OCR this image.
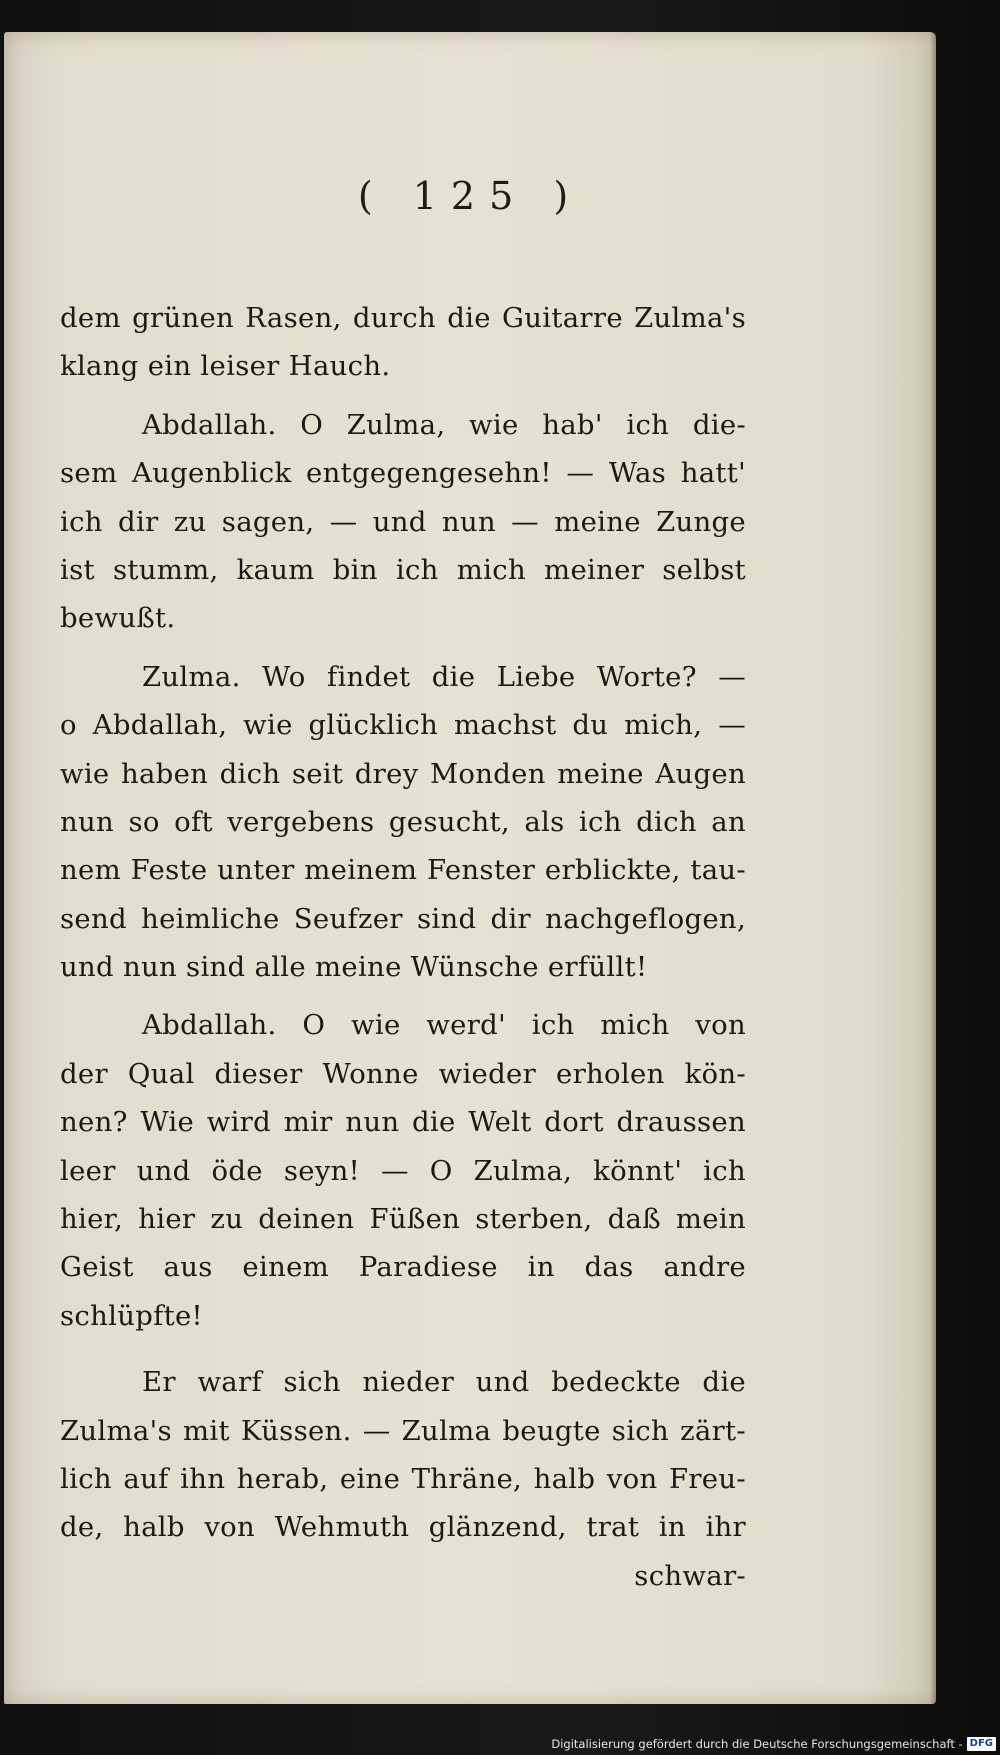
( 125 )
dem grünen Rasen, durch die Guitarre Zulma's
klang ein leiser Hauch.
Abdallah. O Zulma, wie hab' ich die-
sem Augenblick entgegengesehn! — Was hatt'
ich dir zu sagen, — und nun — meine Zunge
ist stumm, kaum bin ich mich meiner selbst
bewußt.
Zulma. Wo findet die Liebe Worte? —
o Abdallah, wie glücklich machst du mich, —
wie haben dich seit drey Monden meine Augen
nun so oft vergebens gesucht, als ich dich an
nem Feste unter meinem Fenster erblickte, tau-
send heimliche Seufzer sind dir nachgeflogen,
und nun sind alle meine Wünsche erfüllt!
Abdallah. O wie werd' ich mich von
der Qual dieser Wonne wieder erholen kön-
nen? Wie wird mir nun die Welt dort draussen
leer und öde seyn! — O Zulma, könnt' ich
hier, hier zu deinen Füßen sterben, daß mein
Geist aus einem Paradiese in das andre
schlüpfte!
Er warf sich nieder und bedeckte die
Zulma's mit Küssen. — Zulma beugte sich zärt-
lich auf ihn herab, eine Thräne, halb von Freu-
de, halb von Wehmuth glänzend, trat in ihr
schwar-
Digitalisierung gefördert durch die Deutsche Forschungsgemeinschaft - DFG
